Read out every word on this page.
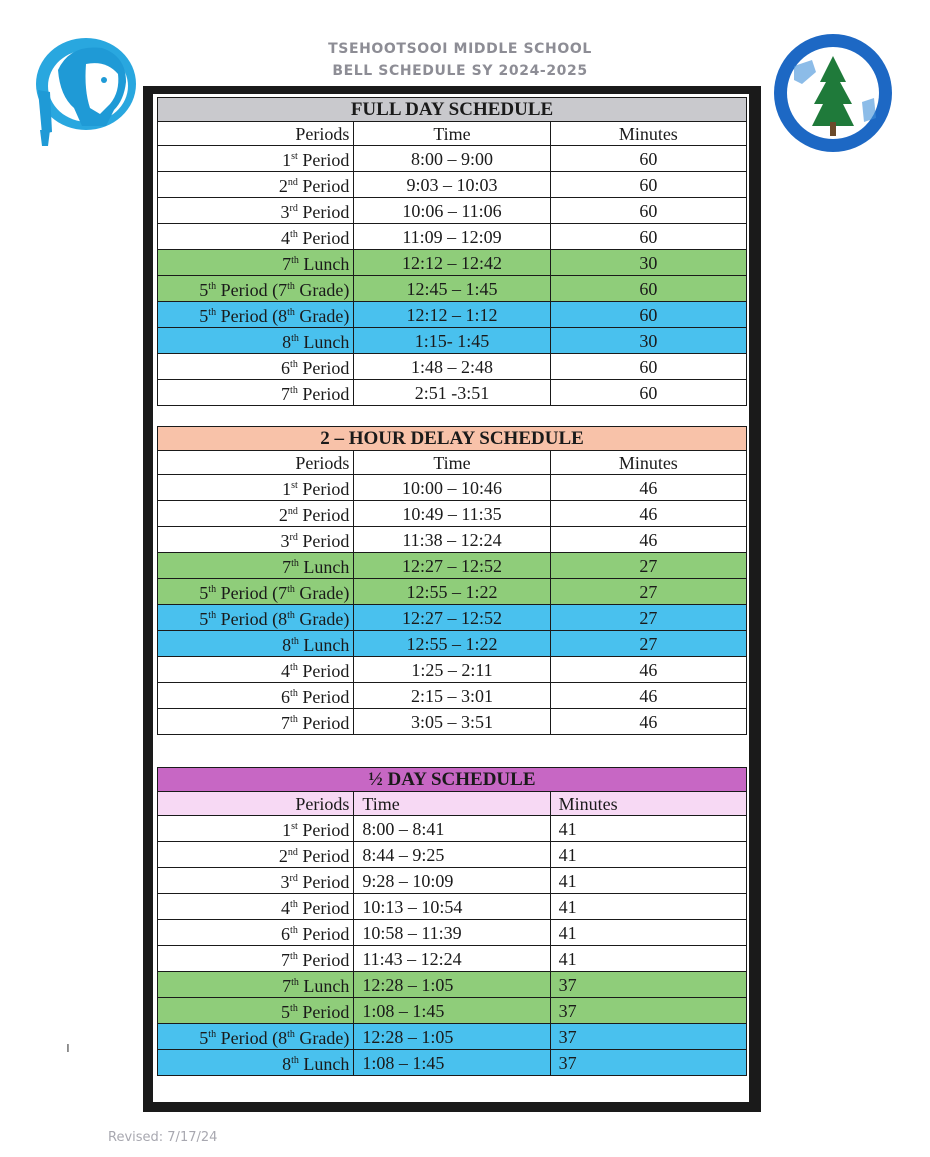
TSEHOOTSOOI MIDDLE SCHOOL
BELL SCHEDULE SY 2024-2025
FULL DAY SCHEDULE		
Periods	Time	Minutes
1st Period	8:00 – 9:00	60
2nd Period	9:03 – 10:03	60
3rd Period	10:06 – 11:06	60
4th Period	11:09 – 12:09	60
7th Lunch	12:12 – 12:42	30
5th Period (7th Grade)	12:45 – 1:45	60
5th Period (8th Grade)	12:12 – 1:12	60
8th Lunch	1:15- 1:45	30
6th Period	1:48 – 2:48	60
7th Period	2:51 -3:51	60
2 – HOUR DELAY SCHEDULE		
Periods	Time	Minutes
1st Period	10:00 – 10:46	46
2nd Period	10:49 – 11:35	46
3rd Period	11:38 – 12:24	46
7th Lunch	12:27 – 12:52	27
5th Period (7th Grade)	12:55 – 1:22	27
5th Period (8th Grade)	12:27 – 12:52	27
8th Lunch	12:55 – 1:22	27
4th Period	1:25 – 2:11	46
6th Period	2:15 – 3:01	46
7th Period	3:05 – 3:51	46
½ DAY SCHEDULE		
Periods	Time	Minutes
1st Period	8:00 – 8:41	41
2nd Period	8:44 – 9:25	41
3rd Period	9:28 – 10:09	41
4th Period	10:13 – 10:54	41
6th Period	10:58 – 11:39	41
7th Period	11:43 – 12:24	41
7th Lunch	12:28 – 1:05	37
5th Period	1:08 – 1:45	37
5th Period (8th Grade)	12:28 – 1:05	37
8th Lunch	1:08 – 1:45	37
Revised: 7/17/24
ı
